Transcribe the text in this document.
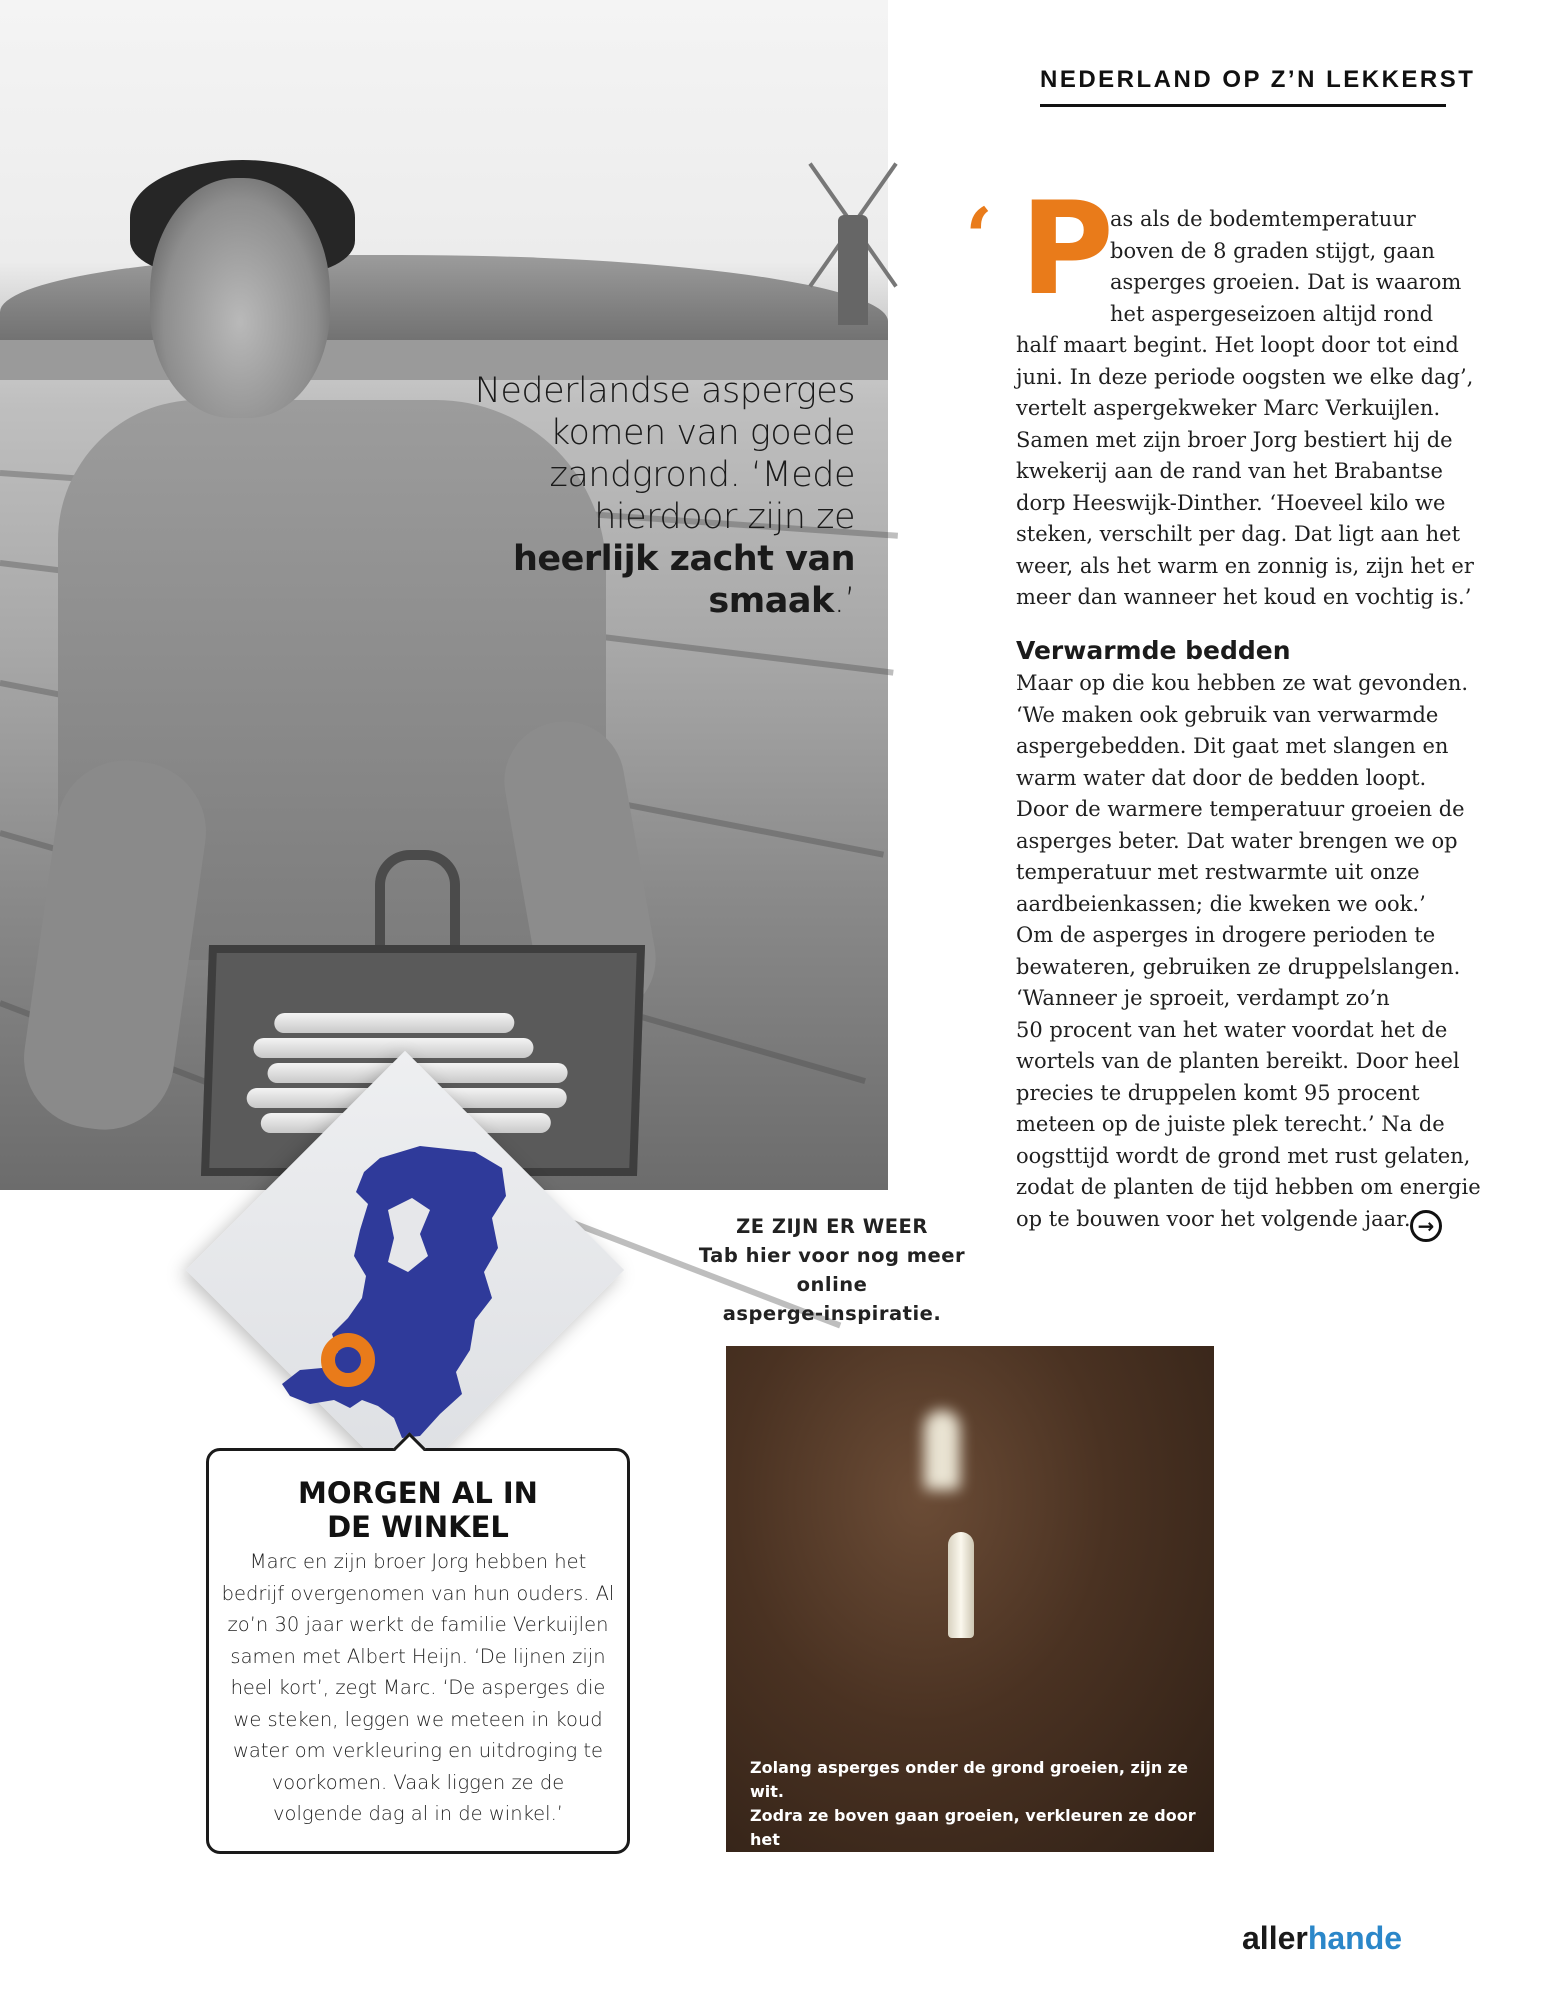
NEDERLAND OP Z’N LEKKERST
Nederlandse asperges komen van goede zandgrond. ‘Mede hierdoor zijn ze heerlijk zacht van smaak.’
‘ P
as als de bodemtemperatuur
boven de 8 graden stijgt, gaan
asperges groeien. Dat is waarom
het aspergeseizoen altijd rond
half maart begint. Het loopt door tot eind
juni. In deze periode oogsten we elke dag’,
vertelt aspergekweker Marc Verkuijlen.
Samen met zijn broer Jorg bestiert hij de
kwekerij aan de rand van het Brabantse
dorp Heeswijk-Dinther. ‘Hoeveel kilo we
steken, verschilt per dag. Dat ligt aan het
weer, als het warm en zonnig is, zijn het er
meer dan wanneer het koud en vochtig is.’
Verwarmde bedden
Maar op die kou hebben ze wat gevonden.
‘We maken ook gebruik van verwarmde
aspergebedden. Dit gaat met slangen en
warm water dat door de bedden loopt.
Door de warmere temperatuur groeien de
asperges beter. Dat water brengen we op
temperatuur met restwarmte uit onze
aardbeienkassen; die kweken we ook.’
Om de asperges in drogere perioden te
bewateren, gebruiken ze druppelslangen.
‘Wanneer je sproeit, verdampt zo’n
50 procent van het water voordat het de
wortels van de planten bereikt. Door heel
precies te druppelen komt 95 procent
meteen op de juiste plek terecht.’ Na de
oogsttijd wordt de grond met rust gelaten,
zodat de planten de tijd hebben om energie
op te bouwen voor het volgende jaar. →
ZE ZIJN ER WEER
Tab hier voor nog meer online
asperge-inspiratie.
MORGEN AL IN
DE WINKEL
Marc en zijn broer Jorg hebben het
bedrijf overgenomen van hun ouders. Al
zo’n 30 jaar werkt de familie Verkuijlen
samen met Albert Heijn. ‘De lijnen zijn
heel kort’, zegt Marc. ‘De asperges die
we steken, leggen we meteen in koud
water om verkleuring en uitdroging te
voorkomen. Vaak liggen ze de
volgende dag al in de winkel.’
Zolang asperges onder de grond groeien, zijn ze wit.
Zodra ze boven gaan groeien, verkleuren ze door het
licht tot groen. Ook lekker!
allerhande
